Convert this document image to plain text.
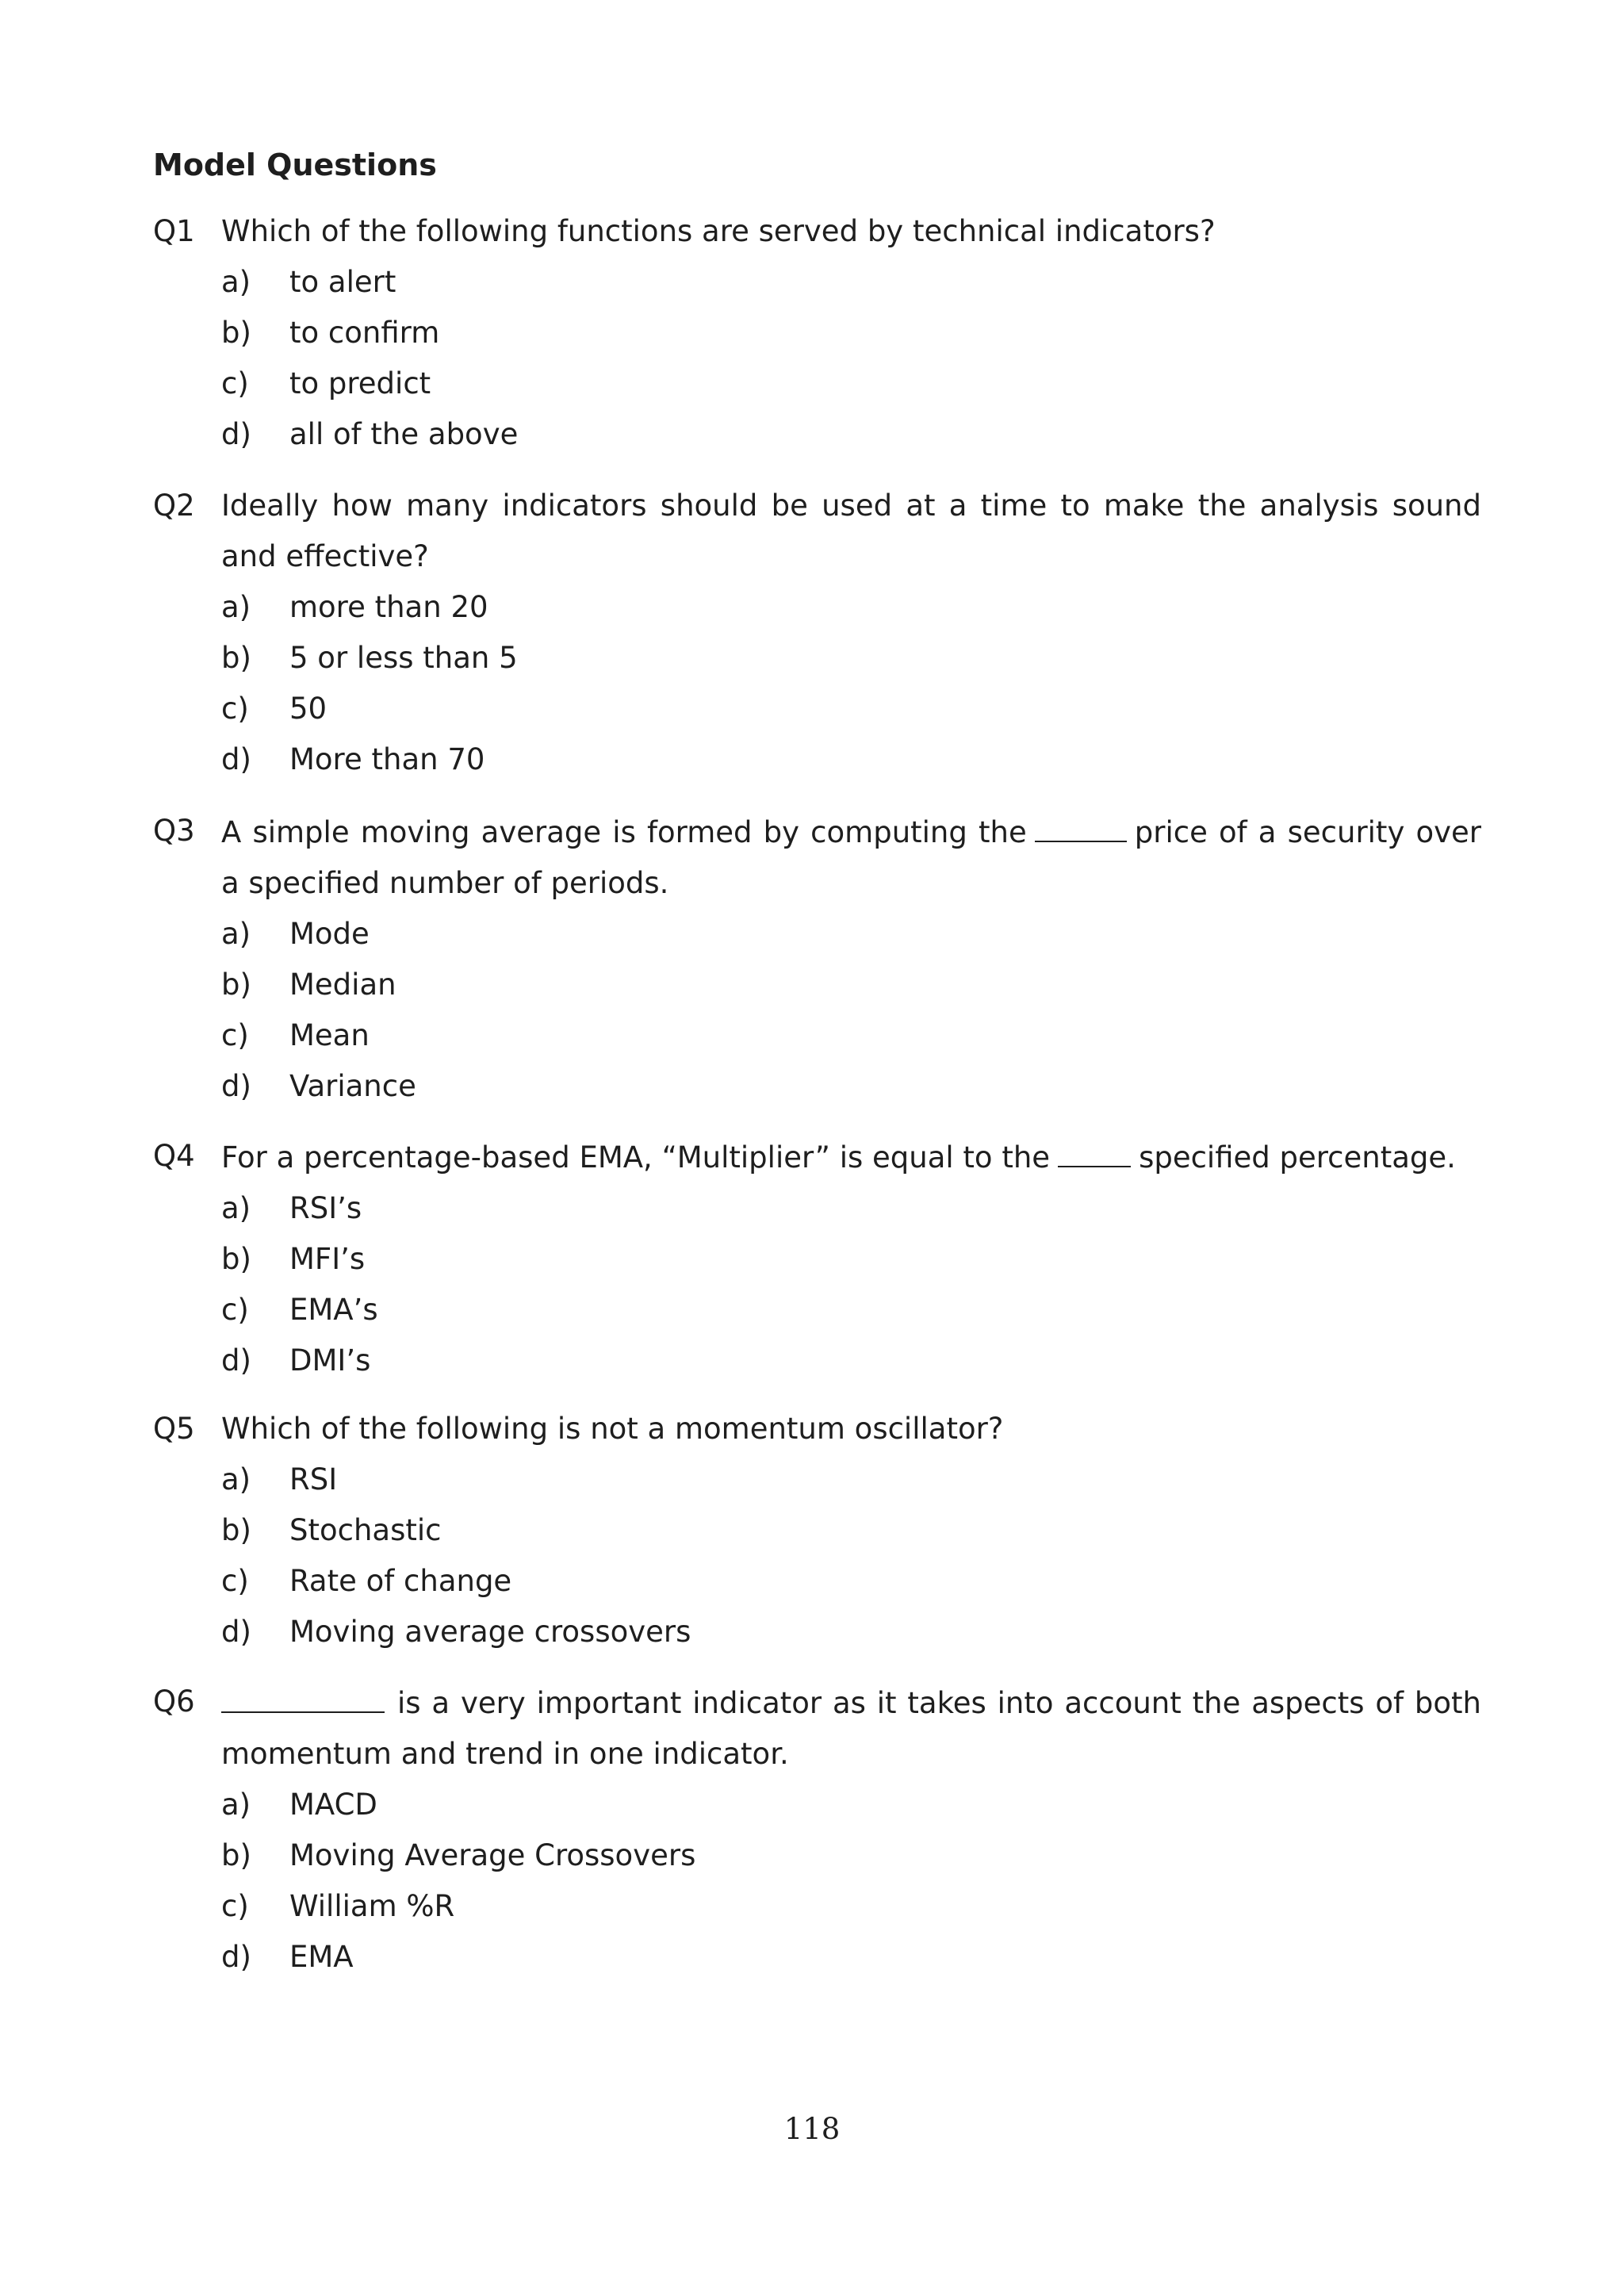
Model Questions
Q1 Which of the following functions are served by technical indicators?
a)	to alert
b)	to confirm
c)	to predict
d)	all of the above
Q2 Ideally how many indicators should be used at a time to make the analysis sound and effective?
a)	more than 20
b)	5 or less than 5
c)	50
d)	More than 70
Q3 A simple moving average is formed by computing the	price of a security over a specified number of periods.
a)	Mode
b)	Median
c)	Mean
d)	Variance
Q4 For a percentage-based EMA, “Multiplier” is equal to the	specified percentage.
a)	RSI’s
b)	MFI’s
c)	EMA’s
d)	DMI’s
Q5 Which of the following is not a momentum oscillator?
a)	RSI
b)	Stochastic
c)	Rate of change
d)	Moving average crossovers
Q6	is a very important indicator as it takes into account the aspects of both momentum and trend in one indicator.
a)	MACD
b)	Moving Average Crossovers
c)	William %R
d)	EMA
118
